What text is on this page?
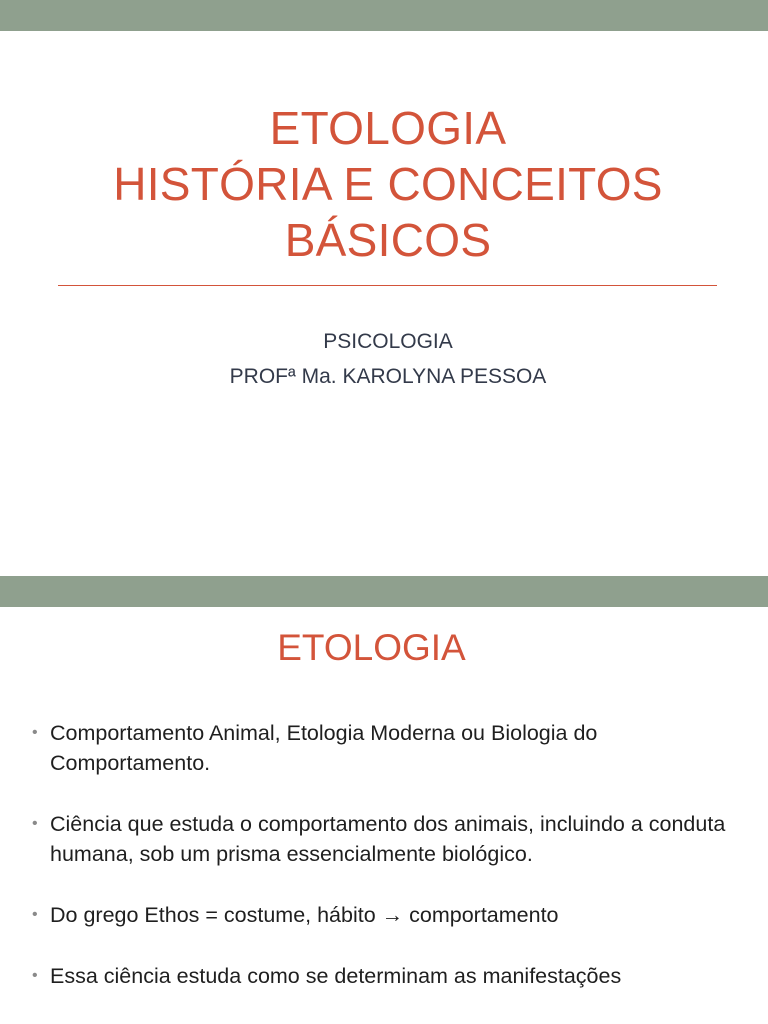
ETOLOGIA
HISTÓRIA E CONCEITOS
BÁSICOS
PSICOLOGIA
PROFª Ma. KAROLYNA PESSOA
ETOLOGIA
• Comportamento Animal, Etologia Moderna ou Biologia do Comportamento.
• Ciência que estuda o comportamento dos animais, incluindo a conduta humana, sob um prisma essencialmente biológico.
• Do grego Ethos = costume, hábito → comportamento
• Essa ciência estuda como se determinam as manifestações
